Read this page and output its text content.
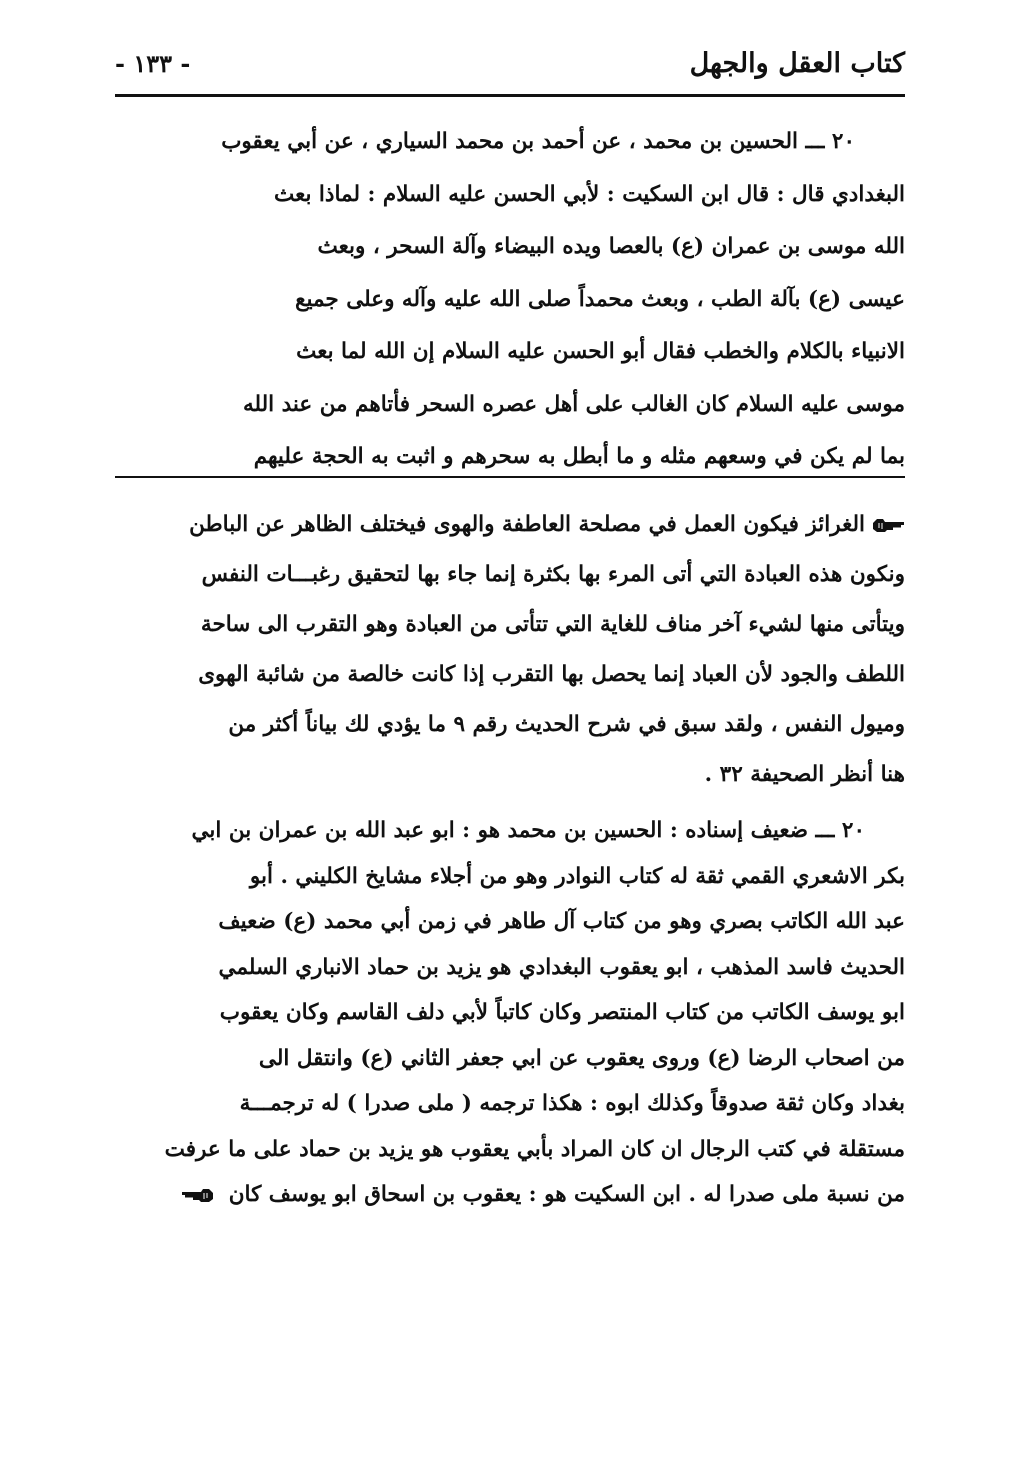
- ١٣٣ -	كتاب العقل والجهل

٢٠ ـــ الحسين بن محمد ، عن أحمد بن محمد السياري ، عن أبي يعقوب

البغدادي قال : قال ابن السكيت : لأبي الحسن عليه السلام : لماذا بعث

الله موسى بن عمران (ع) بالعصا ويده البيضاء وآلة السحر ، وبعث

عيسى (ع) بآلة الطب ، وبعث محمداً صلى الله عليه وآله وعلى جميع

الانبياء بالكلام والخطب فقال أبو الحسن عليه السلام إن الله لما بعث

موسى عليه السلام كان الغالب على أهل عصره السحر فأتاهم من عند الله

بما لم يكن في وسعهم مثله و ما أبطل به سحرهم و اثبت به الحجة عليهم

الغرائز فيكون العمل في مصلحة العاطفة والهوى فيختلف الظاهر عن الباطن

ونكون هذه العبادة التي أتى المرء بها بكثرة إنما جاء بها لتحقيق رغبـــات النفس

ويتأتى منها لشيء آخر مناف للغاية التي تتأتى من العبادة وهو التقرب الى ساحة

اللطف والجود لأن العباد إنما يحصل بها التقرب إذا كانت خالصة من شائبة الهوى

وميول النفس ، ولقد سبق في شرح الحديث رقم ٩ ما يؤدي لك بياناً أكثر من

هنا أنظر الصحيفة ٣٢ .

٢٠ ـــ ضعيف إسناده : الحسين بن محمد هو : ابو عبد الله بن عمران بن ابي

بكر الاشعري القمي ثقة له كتاب النوادر وهو من أجلاء مشايخ الكليني . أبو

عبد الله الكاتب بصري وهو من كتاب آل طاهر في زمن أبي محمد (ع) ضعيف

الحديث فاسد المذهب ، ابو يعقوب البغدادي هو يزيد بن حماد الانباري السلمي

ابو يوسف الكاتب من كتاب المنتصر وكان كاتباً لأبي دلف القاسم وكان يعقوب

من اصحاب الرضا (ع) وروى يعقوب عن ابي جعفر الثاني (ع) وانتقل الى

بغداد وكان ثقة صدوقاً وكذلك ابوه : هكذا ترجمه ( ملى صدرا ) له ترجمـــة

مستقلة في كتب الرجال ان كان المراد بأبي يعقوب هو يزيد بن حماد على ما عرفت

من نسبة ملى صدرا له . ابن السكيت هو : يعقوب بن اسحاق ابو يوسف كان
